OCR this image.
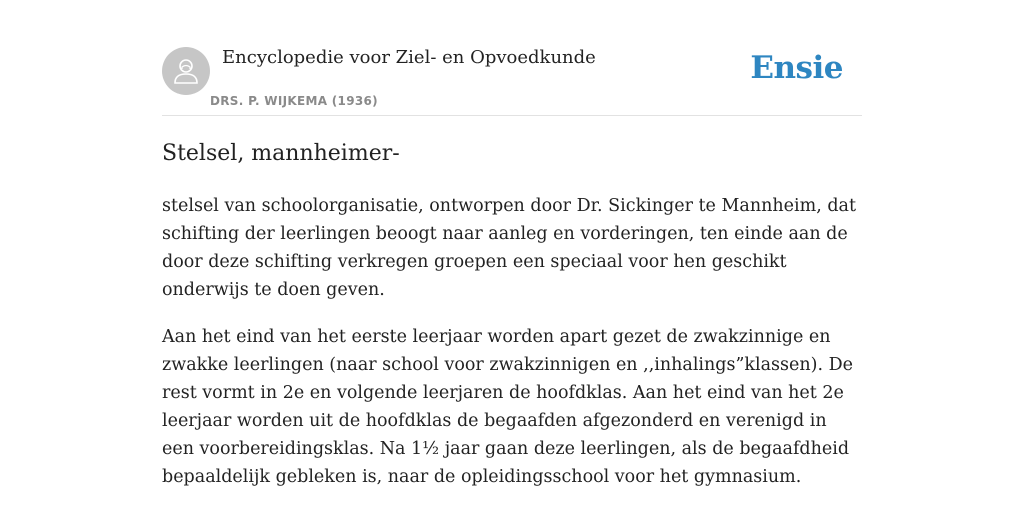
Encyclopedie voor Ziel- en Opvoedkunde
DRS. P. WIJKEMA (1936)
Ensie
Stelsel, mannheimer-

stelsel van schoolorganisatie, ontworpen door Dr. Sickinger te Mannheim, dat schifting der leerlingen beoogt naar aanleg en vorderingen, ten einde aan de door deze schifting verkregen groepen een speciaal voor hen geschikt onderwijs te doen geven.

Aan het eind van het eerste leerjaar worden apart gezet de zwakzinnige en zwakke leerlingen (naar school voor zwakzinnigen en ,,inhalings”klassen). De rest vormt in 2e en volgende leerjaren de hoofdklas. Aan het eind van het 2e leerjaar worden uit de hoofdklas de begaafden afgezonderd en verenigd in een voorbereidingsklas. Na 1½ jaar gaan deze leerlingen, als de begaafdheid bepaaldelijk gebleken is, naar de opleidingsschool voor het gymnasium.
